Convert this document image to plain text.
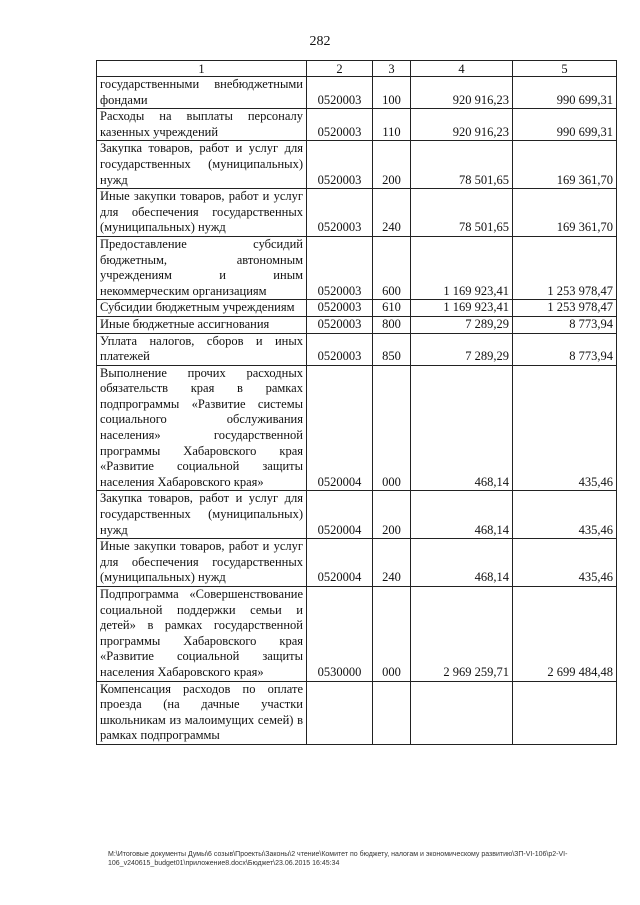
282
1	2	3	4	5
государственными внебюджетными фондами	0520003	100	920 916,23	990 699,31
Расходы на выплаты персоналу казенных учреждений	0520003	110	920 916,23	990 699,31
Закупка товаров, работ и услуг для государственных (муниципальных) нужд	0520003	200	78 501,65	169 361,70
Иные закупки товаров, работ и услуг для обеспечения государственных (муниципальных) нужд	0520003	240	78 501,65	169 361,70
Предоставление субсидий бюджетным, автономным учреждениям и иным некоммерческим организациям	0520003	600	1 169 923,41	1 253 978,47
Субсидии бюджетным учреждениям	0520003	610	1 169 923,41	1 253 978,47
Иные бюджетные ассигнования	0520003	800	7 289,29	8 773,94
Уплата налогов, сборов и иных платежей	0520003	850	7 289,29	8 773,94
Выполнение прочих расходных обязательств края в рамках подпрограммы «Развитие системы социального обслуживания населения» государственной программы Хабаровского края «Развитие социальной защиты населения Хабаровского края»	0520004	000	468,14	435,46
Закупка товаров, работ и услуг для государственных (муниципальных) нужд	0520004	200	468,14	435,46
Иные закупки товаров, работ и услуг для обеспечения государственных (муниципальных) нужд	0520004	240	468,14	435,46
Подпрограмма «Совершенствование социальной поддержки семьи и детей» в рамках государственной программы Хабаровского края «Развитие социальной защиты населения Хабаровского края»	0530000	000	2 969 259,71	2 699 484,48
Компенсация расходов по оплате проезда (на дачные участки школьникам из малоимущих семей) в рамках подпрограммы				
M:\Итоговые документы Думы\6 созыв\Проекты\Законы\2 чтение\Комитет по бюджету, налогам и экономическому развитию\ЗП-VI-106\p2-VI-106_v240615_budget01\приложение8.docx\Бюджет\23.06.2015 16:45:34
